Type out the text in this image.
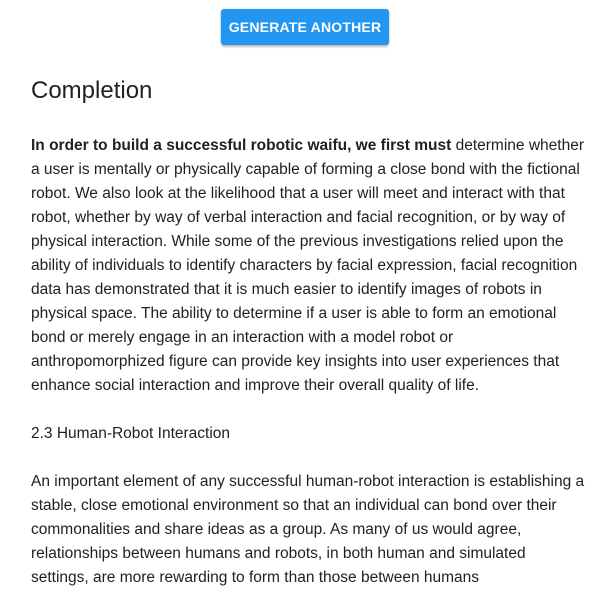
GENERATE ANOTHER
Completion

In order to build a successful robotic waifu, we first must determine whether a user is mentally or physically capable of forming a close bond with the fictional robot. We also look at the likelihood that a user will meet and interact with that robot, whether by way of verbal interaction and facial recognition, or by way of physical interaction. While some of the previous investigations relied upon the ability of individuals to identify characters by facial expression, facial recognition data has demonstrated that it is much easier to identify images of robots in physical space. The ability to determine if a user is able to form an emotional bond or merely engage in an interaction with a model robot or anthropomorphized figure can provide key insights into user experiences that enhance social interaction and improve their overall quality of life.

2.3 Human-Robot Interaction

An important element of any successful human-robot interaction is establishing a stable, close emotional environment so that an individual can bond over their commonalities and share ideas as a group. As many of us would agree, relationships between humans and robots, in both human and simulated settings, are more rewarding to form than those between humans
